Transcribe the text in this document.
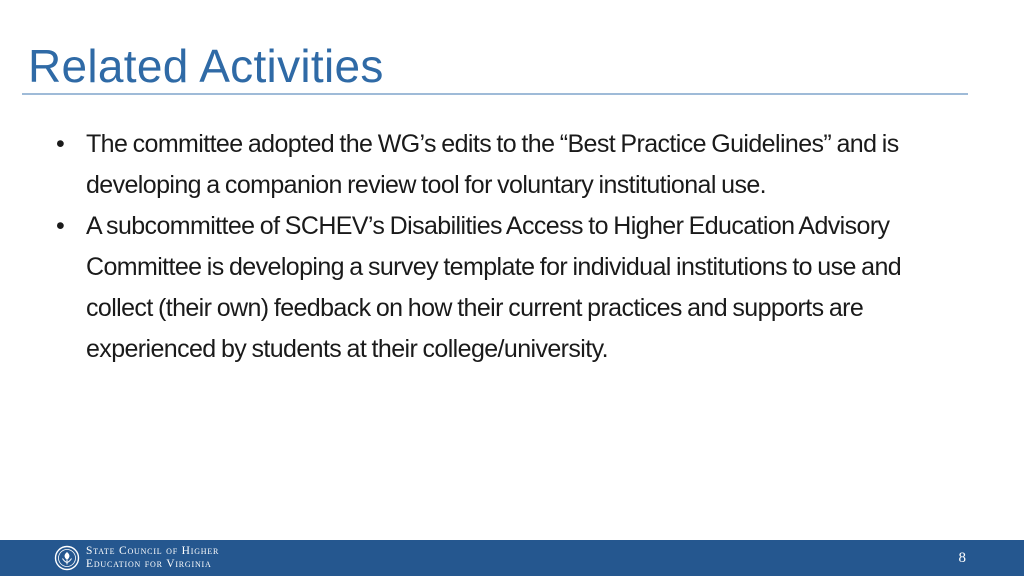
Related Activities
• The committee adopted the WG’s edits to the “Best Practice Guidelines” and is developing a companion review tool for voluntary institutional use.
• A subcommittee of SCHEV’s Disabilities Access to Higher Education Advisory Committee is developing a survey template for individual institutions to use and collect (their own) feedback on how their current practices and supports are experienced by students at their college/university.
State Council of Higher
Education for Virginia	8
